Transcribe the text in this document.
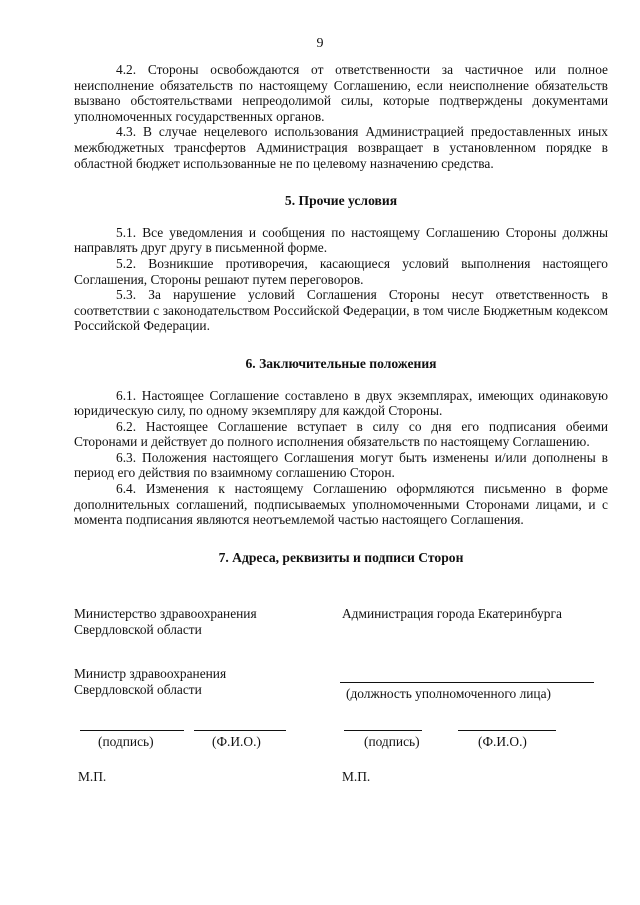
9

4.2. Стороны освобождаются от ответственности за частичное или полное неисполнение обязательств по настоящему Соглашению, если неисполнение обязательств вызвано обстоятельствами непреодолимой силы, которые подтверждены документами уполномоченных государственных органов.

4.3. В случае нецелевого использования Администрацией предоставленных иных межбюджетных трансфертов Администрация возвращает в установленном порядке в областной бюджет использованные не по целевому назначению средства.

5. Прочие условия

5.1. Все уведомления и сообщения по настоящему Соглашению Стороны должны направлять друг другу в письменной форме.

5.2. Возникшие противоречия, касающиеся условий выполнения настоящего Соглашения, Стороны решают путем переговоров.

5.3. За нарушение условий Соглашения Стороны несут ответственность в соответствии с законодательством Российской Федерации, в том числе Бюджетным кодексом Российской Федерации.

6. Заключительные положения

6.1. Настоящее Соглашение составлено в двух экземплярах, имеющих одинаковую юридическую силу, по одному экземпляру для каждой Стороны.

6.2. Настоящее Соглашение вступает в силу со дня его подписания обеими Сторонами и действует до полного исполнения обязательств по настоящему Соглашению.

6.3. Положения настоящего Соглашения могут быть изменены и/или дополнены в период его действия по взаимному соглашению Сторон.

6.4. Изменения к настоящему Соглашению оформляются письменно в форме дополнительных соглашений, подписываемых уполномоченными Сторонами лицами, и с момента подписания являются неотъемлемой частью настоящего Соглашения.

7. Адреса, реквизиты и подписи Сторон
Министерство здравоохранения
Свердловской области
Министр здравоохранения
Свердловской области
(подпись)	(Ф.И.О.)
М.П.
Администрация города Екатеринбурга
(должность уполномоченного лица)
(подпись)	(Ф.И.О.)
М.П.
